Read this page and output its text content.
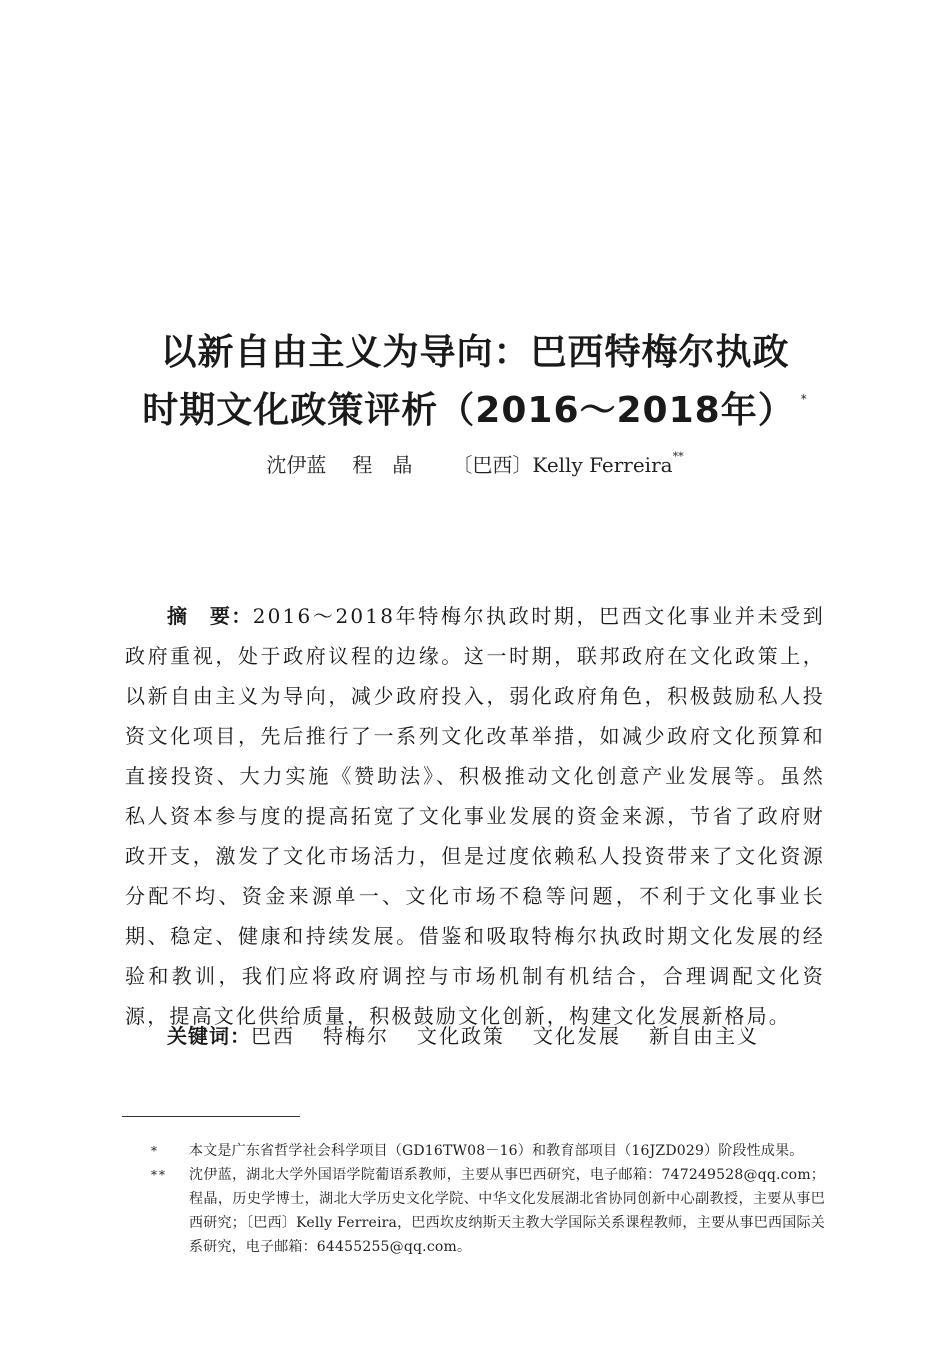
以新自由主义为导向：巴西特梅尔执政
时期文化政策评析（2016～2018年） *
沈伊蓝 程　晶 〔巴西〕Kelly Ferreira**

摘　要：2016～2018年特梅尔执政时期，巴西文化事业并未受到政府重视，处于政府议程的边缘。这一时期，联邦政府在文化政策上，以新自由主义为导向，减少政府投入，弱化政府角色，积极鼓励私人投资文化项目，先后推行了一系列文化改革举措，如减少政府文化预算和直接投资、大力实施《赞助法》、积极推动文化创意产业发展等。虽然私人资本参与度的提高拓宽了文化事业发展的资金来源，节省了政府财政开支，激发了文化市场活力，但是过度依赖私人投资带来了文化资源分配不均、资金来源单一、文化市场不稳等问题，不利于文化事业长期、稳定、健康和持续发展。借鉴和吸取特梅尔执政时期文化发展的经验和教训，我们应将政府调控与市场机制有机结合，合理调配文化资源，提高文化供给质量，积极鼓励文化创新，构建文化发展新格局。

关键词：巴西 特梅尔 文化政策 文化发展 新自由主义

* 本文是广东省哲学社会科学项目（GD16TW08－16）和教育部项目（16JZD029）阶段性成果。
** 沈伊蓝，湖北大学外国语学院葡语系教师，主要从事巴西研究，电子邮箱：747249528@qq.com；程晶，历史学博士，湖北大学历史文化学院、中华文化发展湖北省协同创新中心副教授，主要从事巴西研究；〔巴西〕Kelly Ferreira，巴西坎皮纳斯天主教大学国际关系课程教师，主要从事巴西国际关系研究，电子邮箱：64455255@qq.com。
